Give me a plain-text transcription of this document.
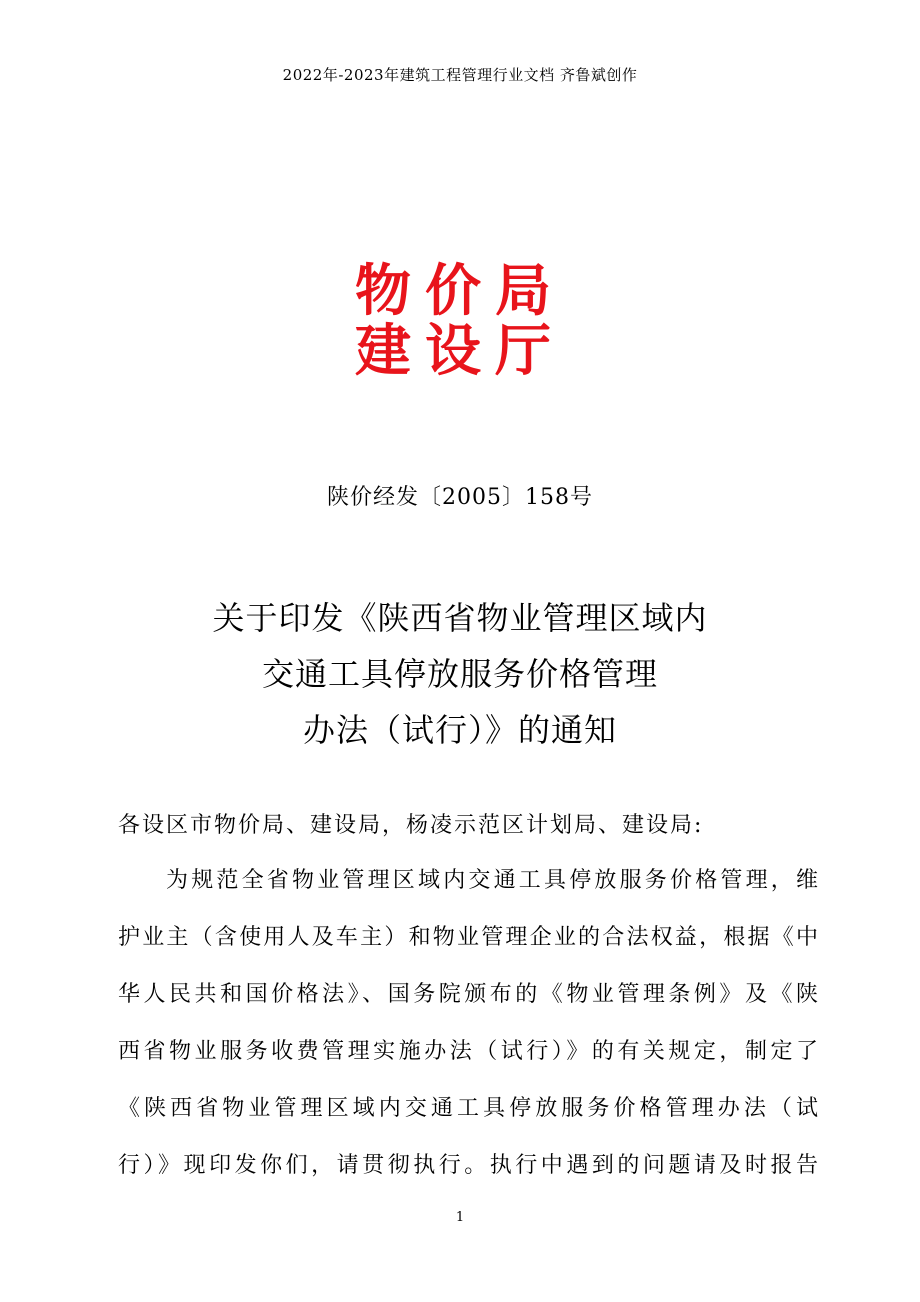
2022年-2023年建筑工程管理行业文档 齐鲁斌创作
物价局
建设厅
陕价经发〔2005〕158号
关于印发《陕西省物业管理区域内
交通工具停放服务价格管理
办法（试行）》的通知
各设区市物价局、建设局，杨凌示范区计划局、建设局:
为规范全省物业管理区域内交通工具停放服务价格管理，维
护业主（含使用人及车主）和物业管理企业的合法权益，根据《中
华人民共和国价格法》、国务院颁布的《物业管理条例》及《陕
西省物业服务收费管理实施办法（试行）》的有关规定，制定了
《陕西省物业管理区域内交通工具停放服务价格管理办法（试
行）》现印发你们，请贯彻执行。执行中遇到的问题请及时报告
1
